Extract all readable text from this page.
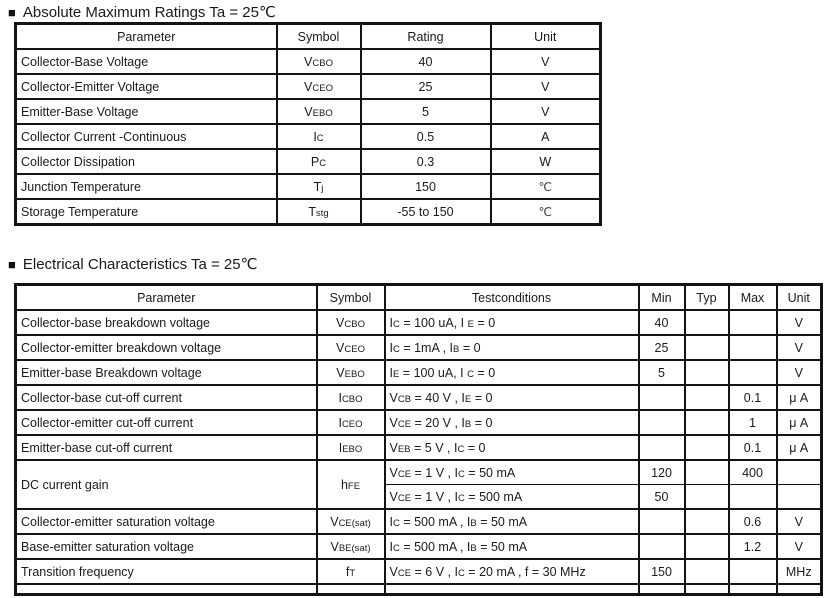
■ Absolute Maximum Ratings Ta = 25℃
Parameter	Symbol	Rating	Unit
Collector-Base Voltage	VCBO	40	V
Collector-Emitter Voltage	VCEO	25	V
Emitter-Base Voltage	VEBO	5	V
Collector Current -Continuous	IC	0.5	A
Collector Dissipation	PC	0.3	W
Junction Temperature	Tj	150	℃
Storage Temperature	Tstg	-55 to 150	℃
■ Electrical Characteristics Ta = 25℃
Parameter	Symbol	Testconditions	Min	Typ	Max	Unit
Collector-base breakdown voltage	VCBO	IC = 100 uA, I E = 0	40			V
Collector-emitter breakdown voltage	VCEO	IC = 1mA , IB = 0	25			V
Emitter-base Breakdown voltage	VEBO	IE = 100 uA, I C = 0	5			V
Collector-base cut-off current	ICBO	VCB = 40 V , IE = 0			0.1	μ A
Collector-emitter cut-off current	ICEO	VCE = 20 V , IB = 0			1	μ A
Emitter-base cut-off current	IEBO	VEB = 5 V , IC = 0			0.1	μ A
DC current gain	hFE	VCE = 1 V , IC = 50 mA	120		400	
		VCE = 1 V , IC = 500 mA	50			
Collector-emitter saturation voltage	VCE(sat)	IC = 500 mA , IB = 50 mA			0.6	V
Base-emitter saturation voltage	VBE(sat)	IC = 500 mA , IB = 50 mA			1.2	V
Transition frequency	fT	VCE = 6 V , IC = 20 mA , f = 30 MHz	150			MHz
